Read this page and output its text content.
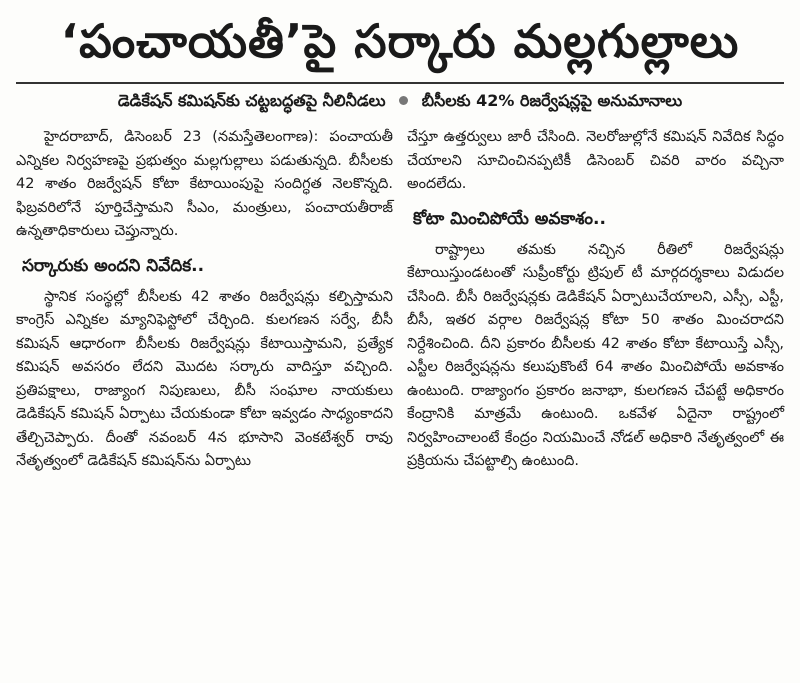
‘పంచాయతీ’పై సర్కారు మల్లగుల్లాలు
డెడికేషన్ కమిషన్‌కు చట్టబద్ధతపై నీలినీడలు బీసీలకు 42% రిజర్వేషన్లపై అనుమానాలు

హైదరాబాద్, డిసెంబర్ 23 (నమస్తేతెలంగాణ): పంచాయతీ ఎన్నికల నిర్వహణపై ప్రభుత్వం మల్లగుల్లాలు పడుతున్నది. బీసీలకు 42 శాతం రిజర్వేషన్ కోటా కేటాయింపుపై సందిగ్ధత నెలకొన్నది. ఫిబ్రవరిలోనే పూర్తిచేస్తామని సీఎం, మంత్రులు, పంచాయతీరాజ్ ఉన్నతాధికారులు చెప్తున్నారు.

సర్కారుకు అందని నివేదిక..

స్థానిక సంస్థల్లో బీసీలకు 42 శాతం రిజర్వేషన్లు కల్పిస్తామని కాంగ్రెస్ ఎన్నికల మ్యానిఫెస్టోలో చేర్చింది. కులగణన సర్వే, బీసీ కమిషన్ ఆధారంగా బీసీలకు రిజర్వేషన్లు కేటాయిస్తామని, ప్రత్యేక కమిషన్ అవసరం లేదని మొదట సర్కారు వాదిస్తూ వచ్చింది. ప్రతిపక్షాలు, రాజ్యాంగ నిపుణులు, బీసీ సంఘాల నాయకులు డెడికేషన్ కమిషన్ ఏర్పాటు చేయకుండా కోటా ఇవ్వడం సాధ్యంకాదని తేల్చిచెప్పారు. దీంతో నవంబర్ 4న భూసాని వెంకటేశ్వర్ రావు నేతృత్వంలో డెడికేషన్ కమిషన్‌ను ఏర్పాటు

చేస్తూ ఉత్తర్వులు జారీ చేసింది. నెలరోజుల్లోనే కమిషన్ నివేదిక సిద్ధం చేయాలని సూచించినప్పటికీ డిసెంబర్ చివరి వారం వచ్చినా అందలేదు.

కోటా మించిపోయే అవకాశం..

రాష్ట్రాలు తమకు నచ్చిన రీతిలో రిజర్వేషన్లు కేటాయిస్తుండటంతో సుప్రీంకోర్టు ట్రిపుల్ టీ మార్గదర్శకాలు విడుదల చేసింది. బీసీ రిజర్వేషన్లకు డెడికేషన్ ఏర్పాటుచేయాలని, ఎస్సీ, ఎస్టీ, బీసీ, ఇతర వర్గాల రిజర్వేషన్ల కోటా 50 శాతం మించరాదని నిర్దేశించింది. దీని ప్రకారం బీసీలకు 42 శాతం కోటా కేటాయిస్తే ఎస్సీ, ఎస్టీల రిజర్వేషన్లను కలుపుకొంటే 64 శాతం మించిపోయే అవకాశం ఉంటుంది. రాజ్యాంగం ప్రకారం జనాభా, కులగణన చేపట్టే అధికారం కేంద్రానికి మాత్రమే ఉంటుంది. ఒకవేళ ఏదైనా రాష్ట్రంలో నిర్వహించాలంటే కేంద్రం నియమించే నోడల్ అధికారి నేతృత్వంలో ఈ ప్రక్రియను చేపట్టాల్సి ఉంటుంది.
